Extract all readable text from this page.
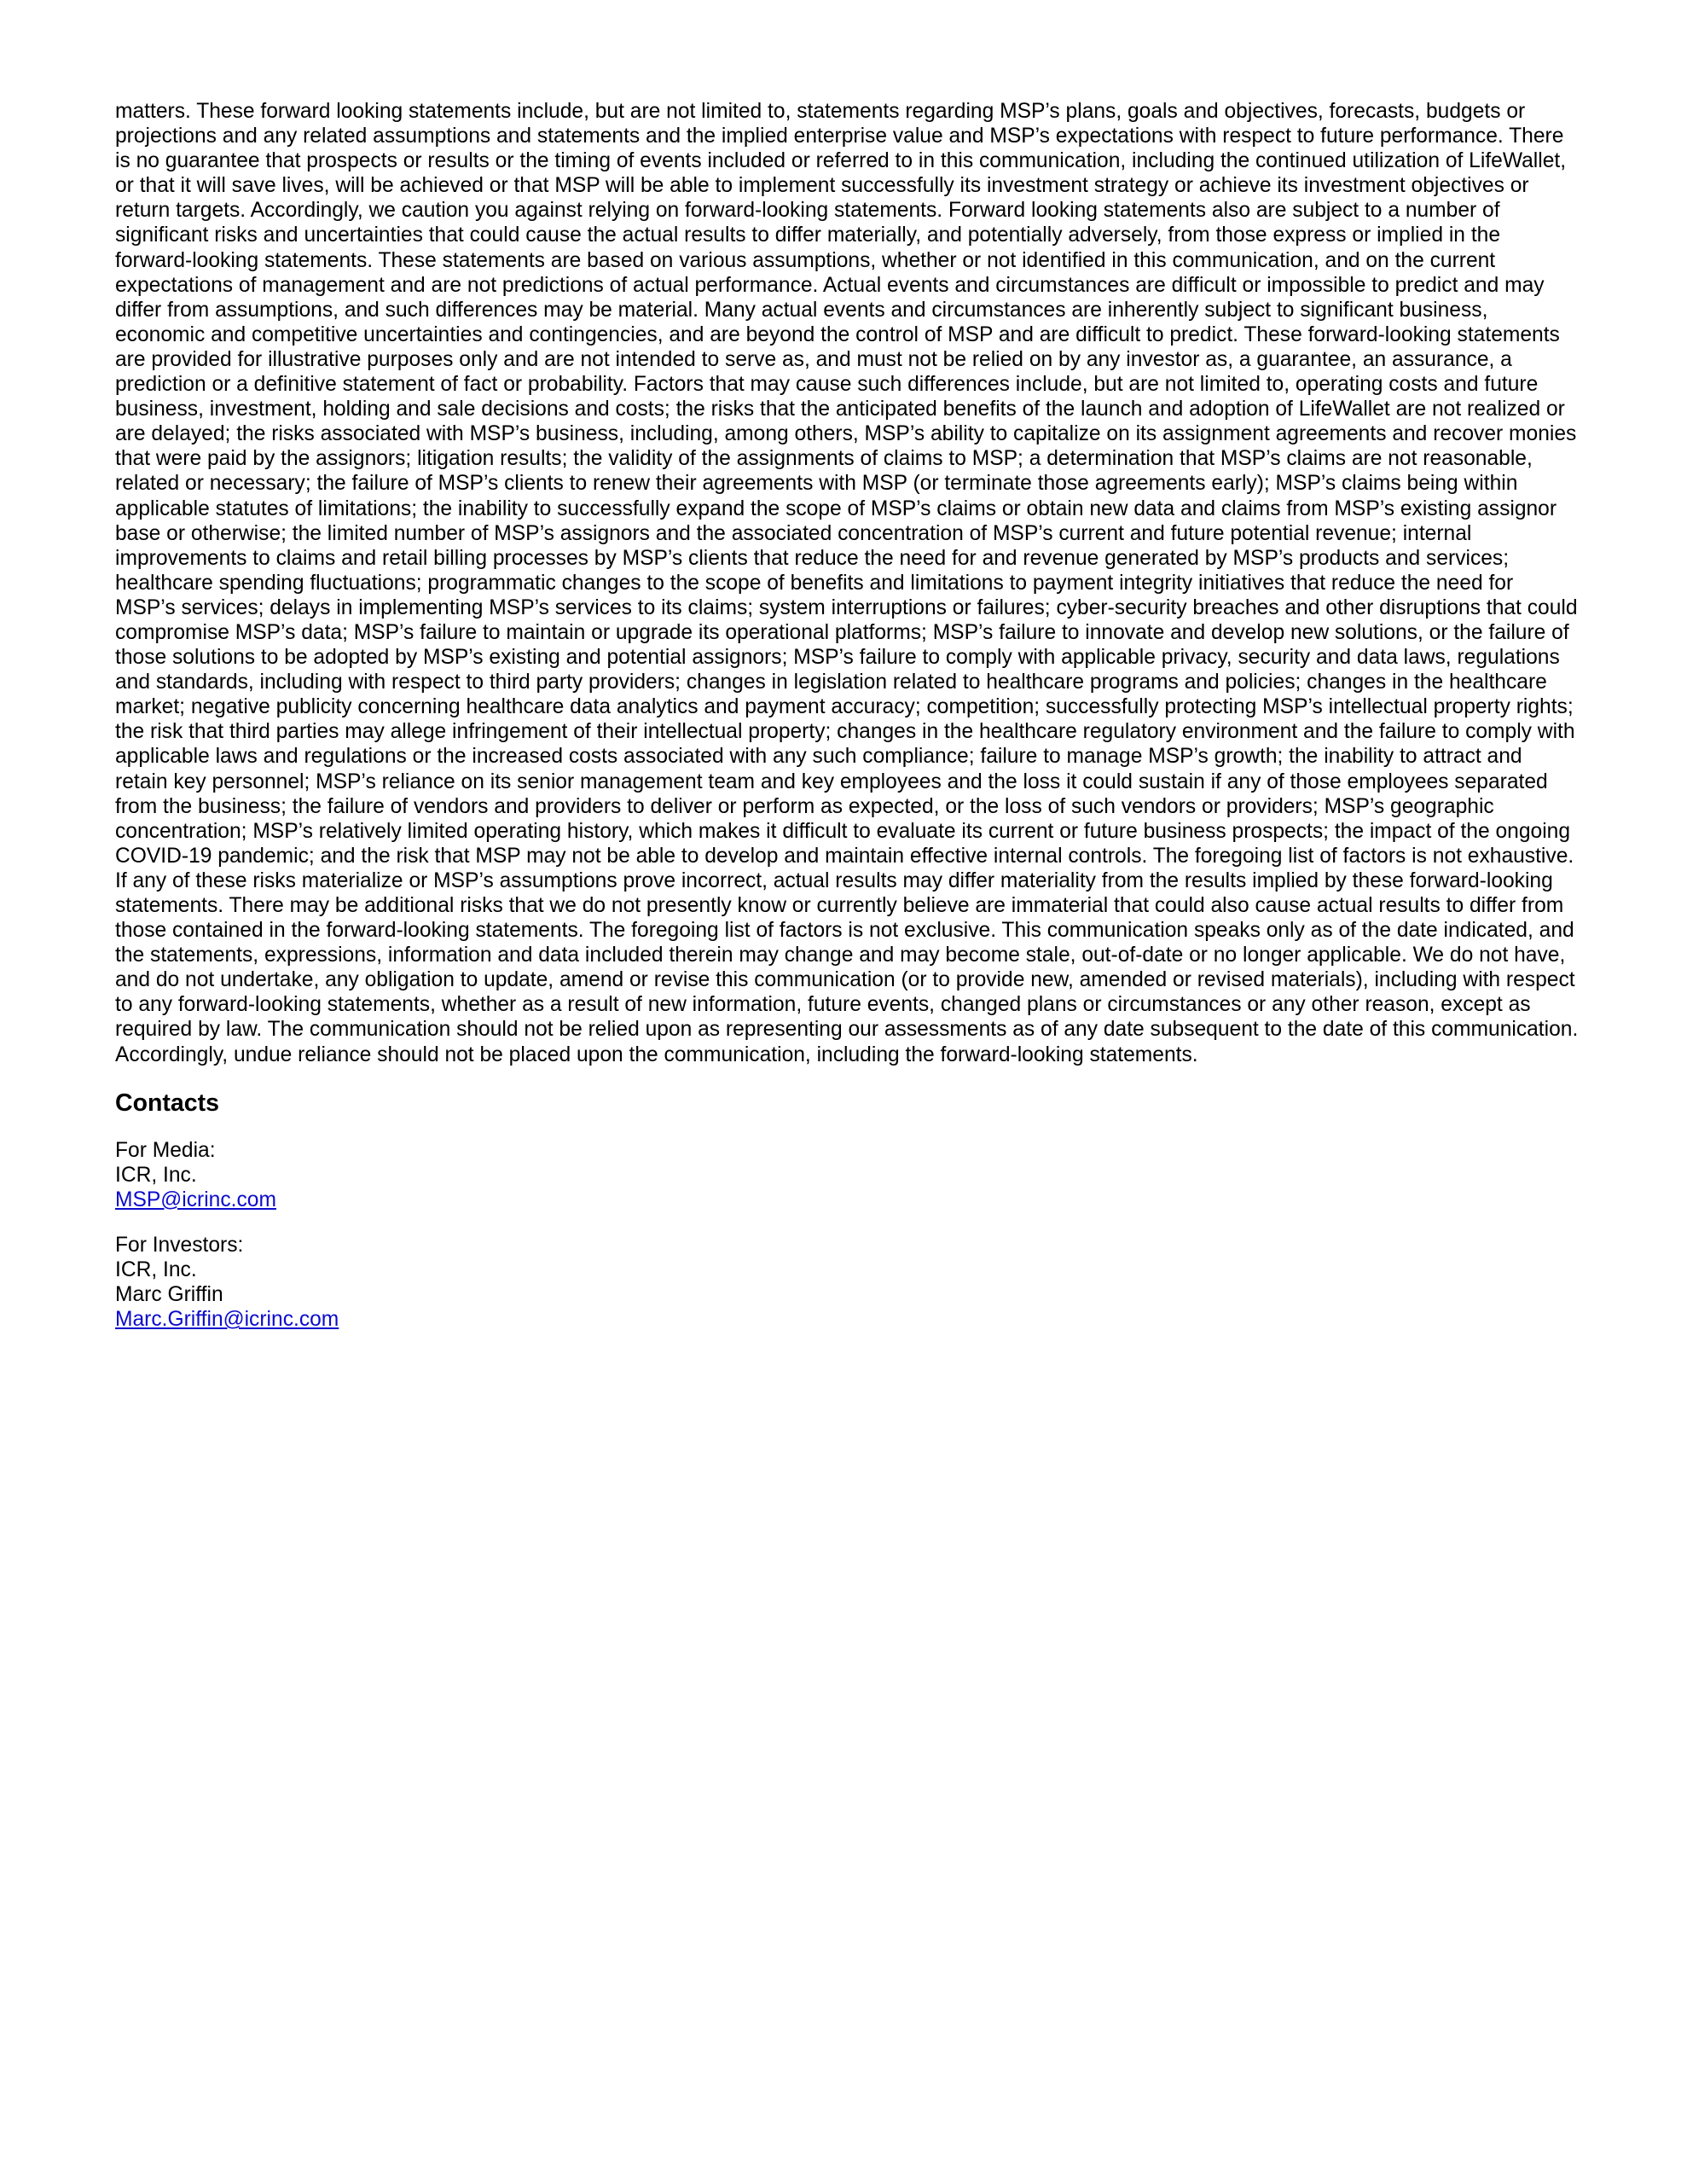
matters. These forward looking statements include, but are not limited to, statements regarding MSP’s plans, goals and objectives, forecasts, budgets or projections and any related assumptions and statements and the implied enterprise value and MSP’s expectations with respect to future performance. There is no guarantee that prospects or results or the timing of events included or referred to in this communication, including the continued utilization of LifeWallet, or that it will save lives, will be achieved or that MSP will be able to implement successfully its investment strategy or achieve its investment objectives or return targets. Accordingly, we caution you against relying on forward-looking statements. Forward looking statements also are subject to a number of significant risks and uncertainties that could cause the actual results to differ materially, and potentially adversely, from those express or implied in the forward-looking statements. These statements are based on various assumptions, whether or not identified in this communication, and on the current expectations of management and are not predictions of actual performance. Actual events and circumstances are difficult or impossible to predict and may differ from assumptions, and such differences may be material. Many actual events and circumstances are inherently subject to significant business, economic and competitive uncertainties and contingencies, and are beyond the control of MSP and are difficult to predict. These forward-looking statements are provided for illustrative purposes only and are not intended to serve as, and must not be relied on by any investor as, a guarantee, an assurance, a prediction or a definitive statement of fact or probability. Factors that may cause such differences include, but are not limited to, operating costs and future business, investment, holding and sale decisions and costs; the risks that the anticipated benefits of the launch and adoption of LifeWallet are not realized or are delayed; the risks associated with MSP’s business, including, among others, MSP’s ability to capitalize on its assignment agreements and recover monies that were paid by the assignors; litigation results; the validity of the assignments of claims to MSP; a determination that MSP’s claims are not reasonable, related or necessary; the failure of MSP’s clients to renew their agreements with MSP (or terminate those agreements early); MSP’s claims being within applicable statutes of limitations; the inability to successfully expand the scope of MSP’s claims or obtain new data and claims from MSP’s existing assignor base or otherwise; the limited number of MSP’s assignors and the associated concentration of MSP’s current and future potential revenue; internal improvements to claims and retail billing processes by MSP’s clients that reduce the need for and revenue generated by MSP’s products and services; healthcare spending fluctuations; programmatic changes to the scope of benefits and limitations to payment integrity initiatives that reduce the need for MSP’s services; delays in implementing MSP’s services to its claims; system interruptions or failures; cyber-security breaches and other disruptions that could compromise MSP’s data; MSP’s failure to maintain or upgrade its operational platforms; MSP’s failure to innovate and develop new solutions, or the failure of those solutions to be adopted by MSP’s existing and potential assignors; MSP’s failure to comply with applicable privacy, security and data laws, regulations and standards, including with respect to third party providers; changes in legislation related to healthcare programs and policies; changes in the healthcare market; negative publicity concerning healthcare data analytics and payment accuracy; competition; successfully protecting MSP’s intellectual property rights; the risk that third parties may allege infringement of their intellectual property; changes in the healthcare regulatory environment and the failure to comply with applicable laws and regulations or the increased costs associated with any such compliance; failure to manage MSP’s growth; the inability to attract and retain key personnel; MSP’s reliance on its senior management team and key employees and the loss it could sustain if any of those employees separated from the business; the failure of vendors and providers to deliver or perform as expected, or the loss of such vendors or providers; MSP’s geographic concentration; MSP’s relatively limited operating history, which makes it difficult to evaluate its current or future business prospects; the impact of the ongoing COVID-19 pandemic; and the risk that MSP may not be able to develop and maintain effective internal controls. The foregoing list of factors is not exhaustive. If any of these risks materialize or MSP’s assumptions prove incorrect, actual results may differ materiality from the results implied by these forward-looking statements. There may be additional risks that we do not presently know or currently believe are immaterial that could also cause actual results to differ from those contained in the forward-looking statements. The foregoing list of factors is not exclusive. This communication speaks only as of the date indicated, and the statements, expressions, information and data included therein may change and may become stale, out-of-date or no longer applicable. We do not have, and do not undertake, any obligation to update, amend or revise this communication (or to provide new, amended or revised materials), including with respect to any forward-looking statements, whether as a result of new information, future events, changed plans or circumstances or any other reason, except as required by law. The communication should not be relied upon as representing our assessments as of any date subsequent to the date of this communication. Accordingly, undue reliance should not be placed upon the communication, including the forward-looking statements.

Contacts
For Media:
ICR, Inc.
MSP@icrinc.com
For Investors:
ICR, Inc.
Marc Griffin
Marc.Griffin@icrinc.com
